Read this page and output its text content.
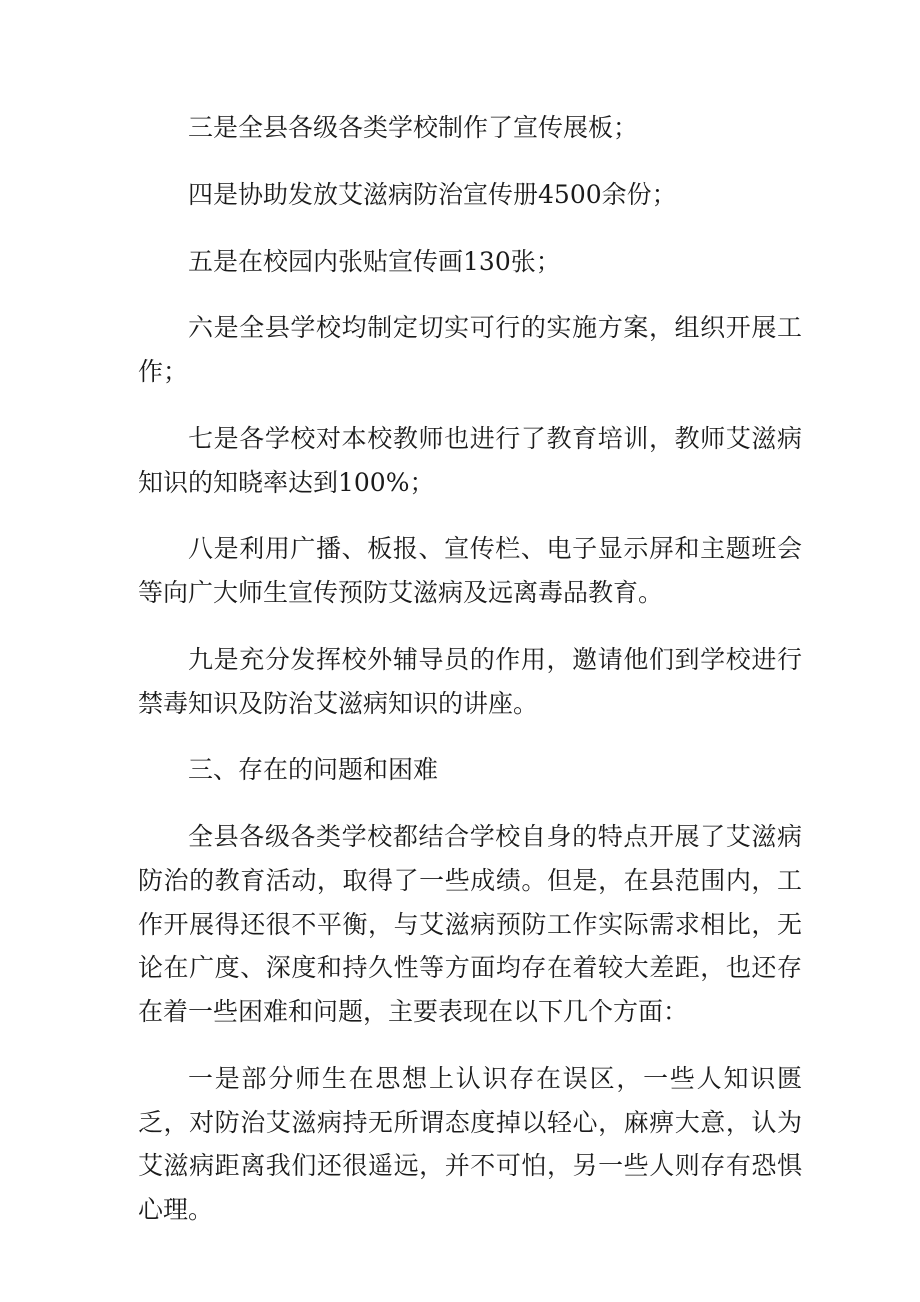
三是全县各级各类学校制作了宣传展板；

四是协助发放艾滋病防治宣传册4500余份；

五是在校园内张贴宣传画130张；

六是全县学校均制定切实可行的实施方案，组织开展工作；

七是各学校对本校教师也进行了教育培训，教师艾滋病知识的知晓率达到100%；

八是利用广播、板报、宣传栏、电子显示屏和主题班会等向广大师生宣传预防艾滋病及远离毒品教育。

九是充分发挥校外辅导员的作用，邀请他们到学校进行禁毒知识及防治艾滋病知识的讲座。

三、存在的问题和困难

全县各级各类学校都结合学校自身的特点开展了艾滋病防治的教育活动，取得了一些成绩。但是，在县范围内，工作开展得还很不平衡，与艾滋病预防工作实际需求相比，无论在广度、深度和持久性等方面均存在着较大差距，也还存在着一些困难和问题，主要表现在以下几个方面：

一是部分师生在思想上认识存在误区，一些人知识匮乏，对防治艾滋病持无所谓态度掉以轻心，麻痹大意，认为艾滋病距离我们还很遥远，并不可怕，另一些人则存有恐惧心理。
